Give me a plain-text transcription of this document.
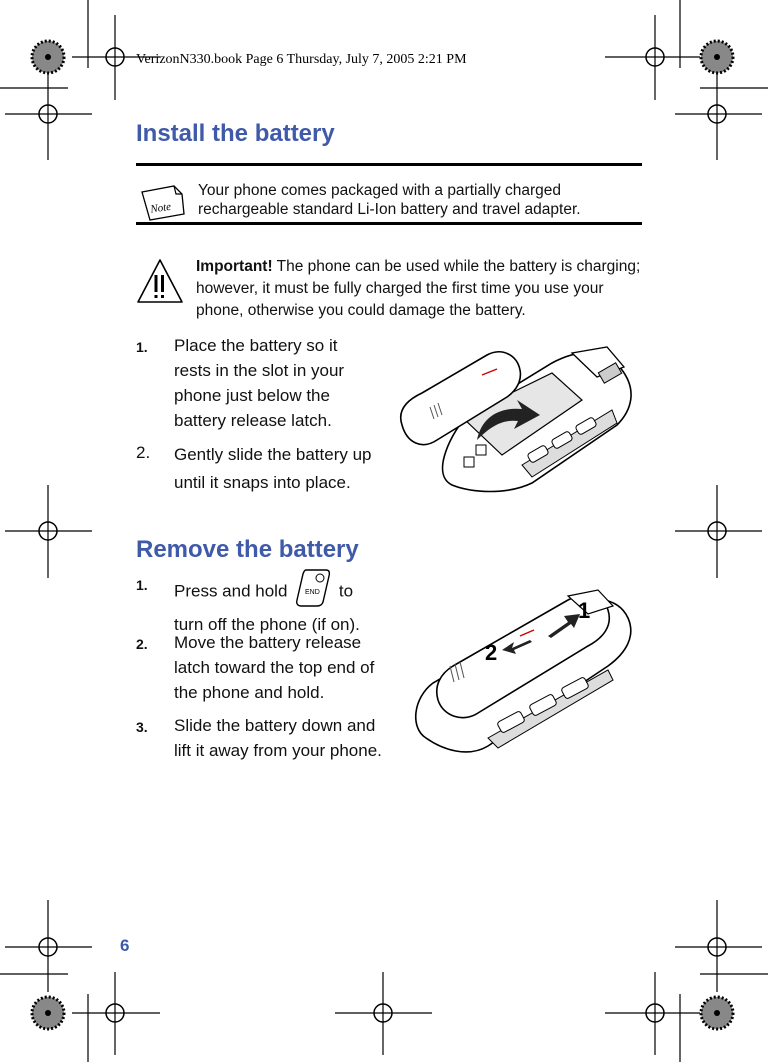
VerizonN330.book Page 6 Thursday, July 7, 2005 2:21 PM
Install the battery
Note
Your phone comes packaged with a partially charged rechargeable standard Li-Ion battery and travel adapter.
Important! The phone can be used while the battery is charging; however, it must be fully charged the first time you use your phone, otherwise you could damage the battery.
1. Place the battery so it rests in the slot in your phone just below the battery release latch.
2. Gently slide the battery up until it snaps into place.
Remove the battery
1. Press and hold	END to turn off the phone (if on).
2. Move the battery release latch toward the top end of the phone and hold.
3. Slide the battery down and lift it away from your phone.
1
2
6
